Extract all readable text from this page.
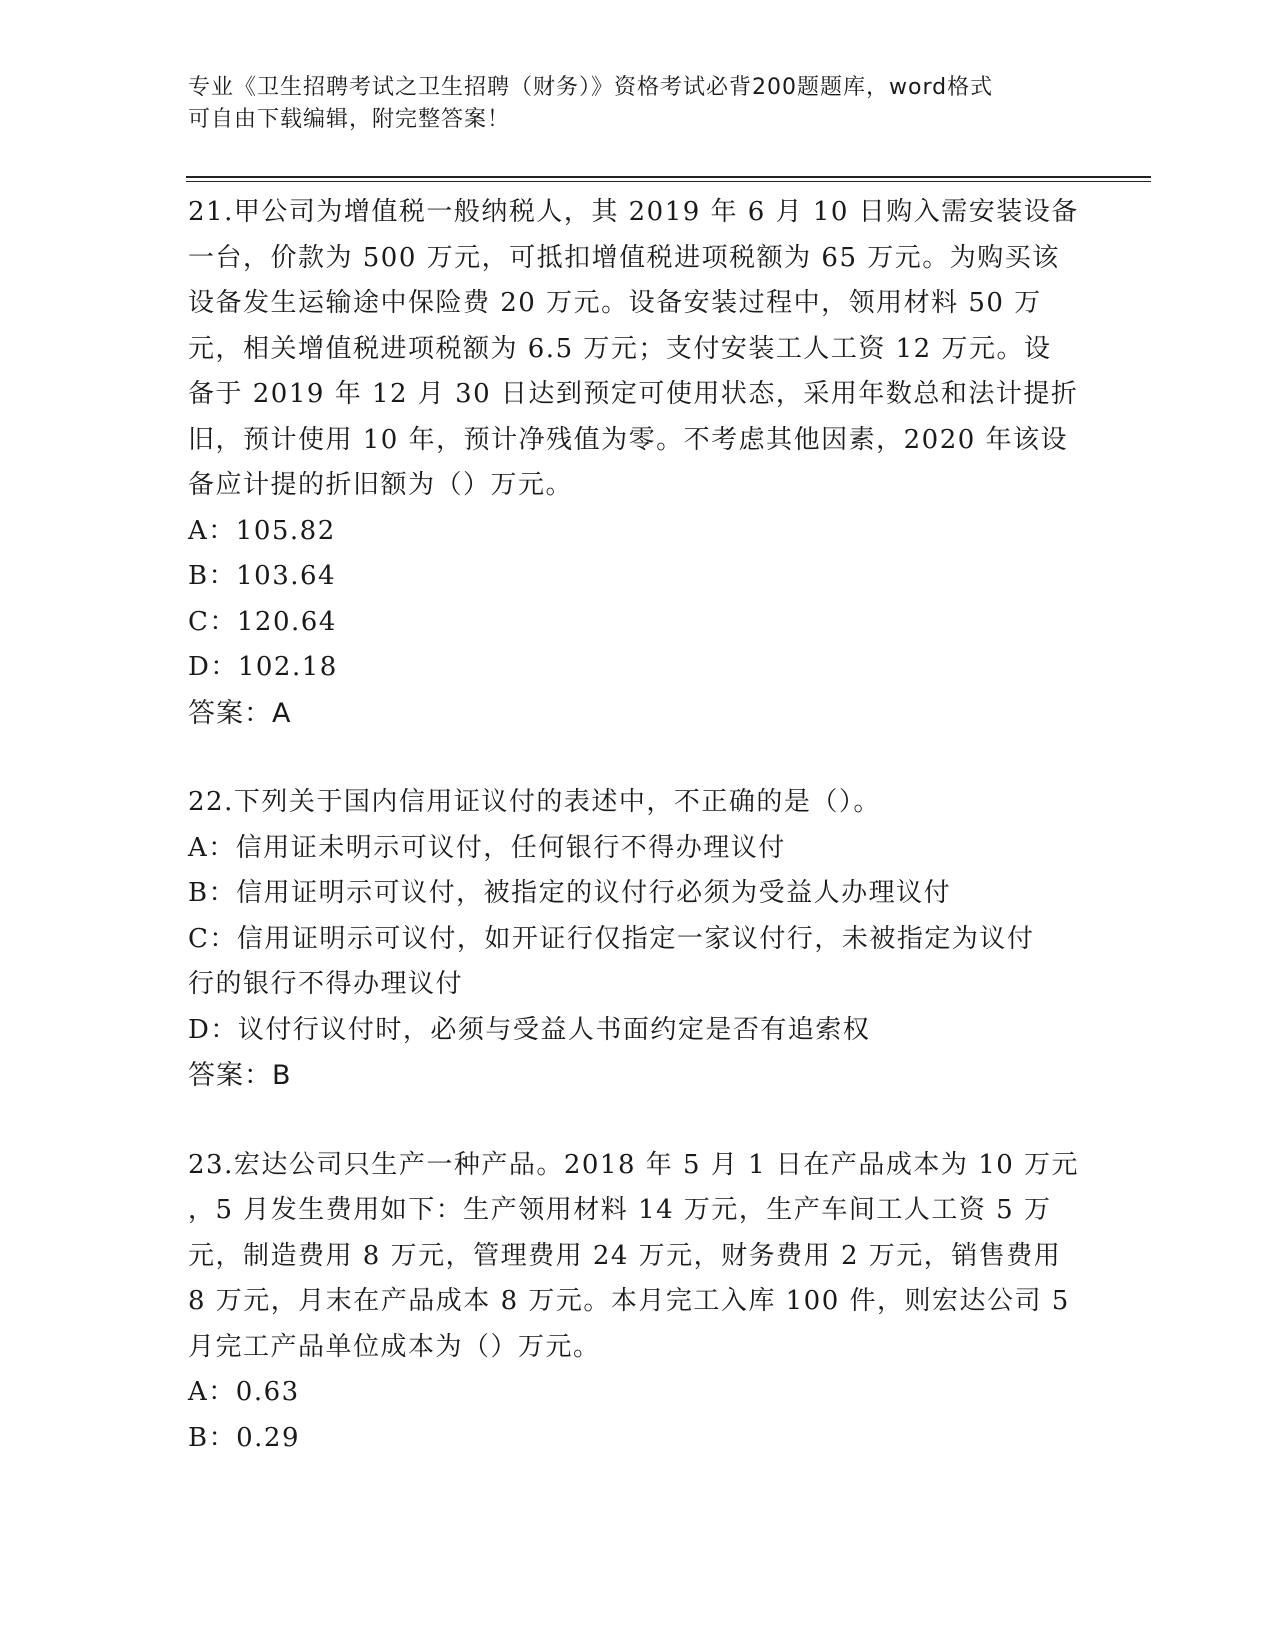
专业《卫生招聘考试之卫生招聘（财务）》资格考试必背200题题库，word格式
可自由下载编辑，附完整答案！
21.甲公司为增值税一般纳税人，其 2019 年 6 月 10 日购入需安装设备
一台，价款为 500 万元，可抵扣增值税进项税额为 65 万元。为购买该
设备发生运输途中保险费 20 万元。设备安装过程中，领用材料 50 万
元，相关增值税进项税额为 6.5 万元；支付安装工人工资 12 万元。设
备于 2019 年 12 月 30 日达到预定可使用状态，采用年数总和法计提折
旧，预计使用 10 年，预计净残值为零。不考虑其他因素，2020 年该设
备应计提的折旧额为（）万元。
A：105.82
B：103.64
C：120.64
D：102.18
答案：A
22.下列关于国内信用证议付的表述中，不正确的是（）。
A：信用证未明示可议付，任何银行不得办理议付
B：信用证明示可议付，被指定的议付行必须为受益人办理议付
C：信用证明示可议付，如开证行仅指定一家议付行，未被指定为议付
行的银行不得办理议付
D：议付行议付时，必须与受益人书面约定是否有追索权
答案：B
23.宏达公司只生产一种产品。2018 年 5 月 1 日在产品成本为 10 万元
，5 月发生费用如下：生产领用材料 14 万元，生产车间工人工资 5 万
元，制造费用 8 万元，管理费用 24 万元，财务费用 2 万元，销售费用
8 万元，月末在产品成本 8 万元。本月完工入库 100 件，则宏达公司 5
月完工产品单位成本为（）万元。
A：0.63
B：0.29
